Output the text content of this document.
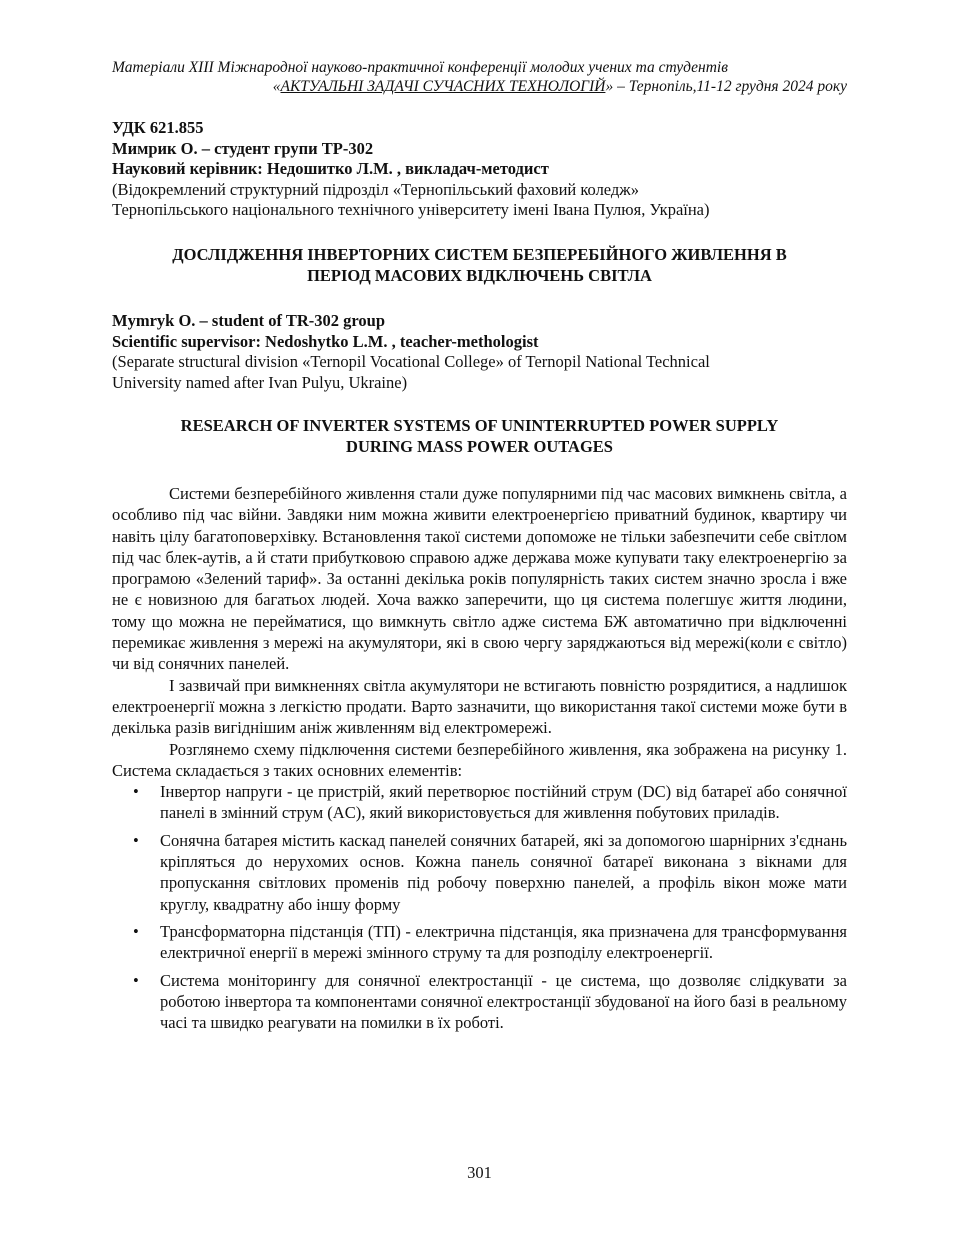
Матеріали XIII Міжнародної науково-практичної конференції молодих учених та студентів
«АКТУАЛЬНІ ЗАДАЧІ СУЧАСНИХ ТЕХНОЛОГІЙ» – Тернопіль,11-12 грудня 2024 року
УДК 621.855
Мимрик О. – студент групи ТР-302
Науковий керівник: Недошитко Л.М. , викладач-методист
(Відокремлений структурний підрозділ «Тернопільський фаховий коледж»
Тернопільського національного технічного університету імені Івана Пулюя, Україна)
ДОСЛІДЖЕННЯ ІНВЕРТОРНИХ СИСТЕМ БЕЗПЕРЕБІЙНОГО ЖИВЛЕННЯ В
ПЕРІОД МАСОВИХ ВІДКЛЮЧЕНЬ СВІТЛА
Mymryk O. – student of TR-302 group
Scientific supervisor: Nedoshytko L.M. , teacher-methologist
(Separate structural division «Ternopil Vocational College» of Ternopil National Technical
University named after Ivan Pulyu, Ukraine)
RESEARCH OF INVERTER SYSTEMS OF UNINTERRUPTED POWER SUPPLY
DURING MASS POWER OUTAGES

Системи безперебійного живлення стали дуже популярними під час масових вимкнень світла, а особливо під час війни. Завдяки ним можна живити електроенергією приватний будинок, квартиру чи навіть цілу багатоповерхівку. Встановлення такої системи допоможе не тільки забезпечити себе світлом під час блек-аутів, а й стати прибутковою справою адже держава може купувати таку електроенергію за програмою «Зелений тариф». За останні декілька років популярність таких систем значно зросла і вже не є новизною для багатьох людей. Хоча важко заперечити, що ця система полегшує життя людини, тому що можна не перейматися, що вимкнуть світло адже система БЖ автоматично при відключенні перемикає живлення з мережі на акумулятори, які в свою чергу заряджаються від мережі(коли є світло) чи від сонячних панелей.

І зазвичай при вимкненнях світла акумулятори не встигають повністю розрядитися, а надлишок електроенергії можна з легкістю продати. Варто зазначити, що використання такої системи може бути в декілька разів вигіднішим аніж живленням від електромережі.

Розглянемо схему підключення системи безперебійного живлення, яка зображена на рисунку 1. Система складається з таких основних елементів:

• Інвертор напруги - це пристрій, який перетворює постійний струм (DC) від батареї або сонячної панелі в змінний струм (AC), який використовується для живлення побутових приладів.
• Сонячна батарея містить каскад панелей сонячних батарей, які за допомогою шарнірних з'єднань кріпляться до нерухомих основ. Кожна панель сонячної батареї виконана з вікнами для пропускання світлових променів під робочу поверхню панелей, а профіль вікон може мати круглу, квадратну або іншу форму
• Трансформаторна підстанція (ТП) - електрична підстанція, яка призначена для трансформування електричної енергії в мережі змінного струму та для розподілу електроенергії.
• Система моніторингу для сонячної електростанції - це система, що дозволяє слідкувати за роботою інвертора та компонентами сонячної електростанції збудованої на його базі в реальному часі та швидко реагувати на помилки в їх роботі.
301
